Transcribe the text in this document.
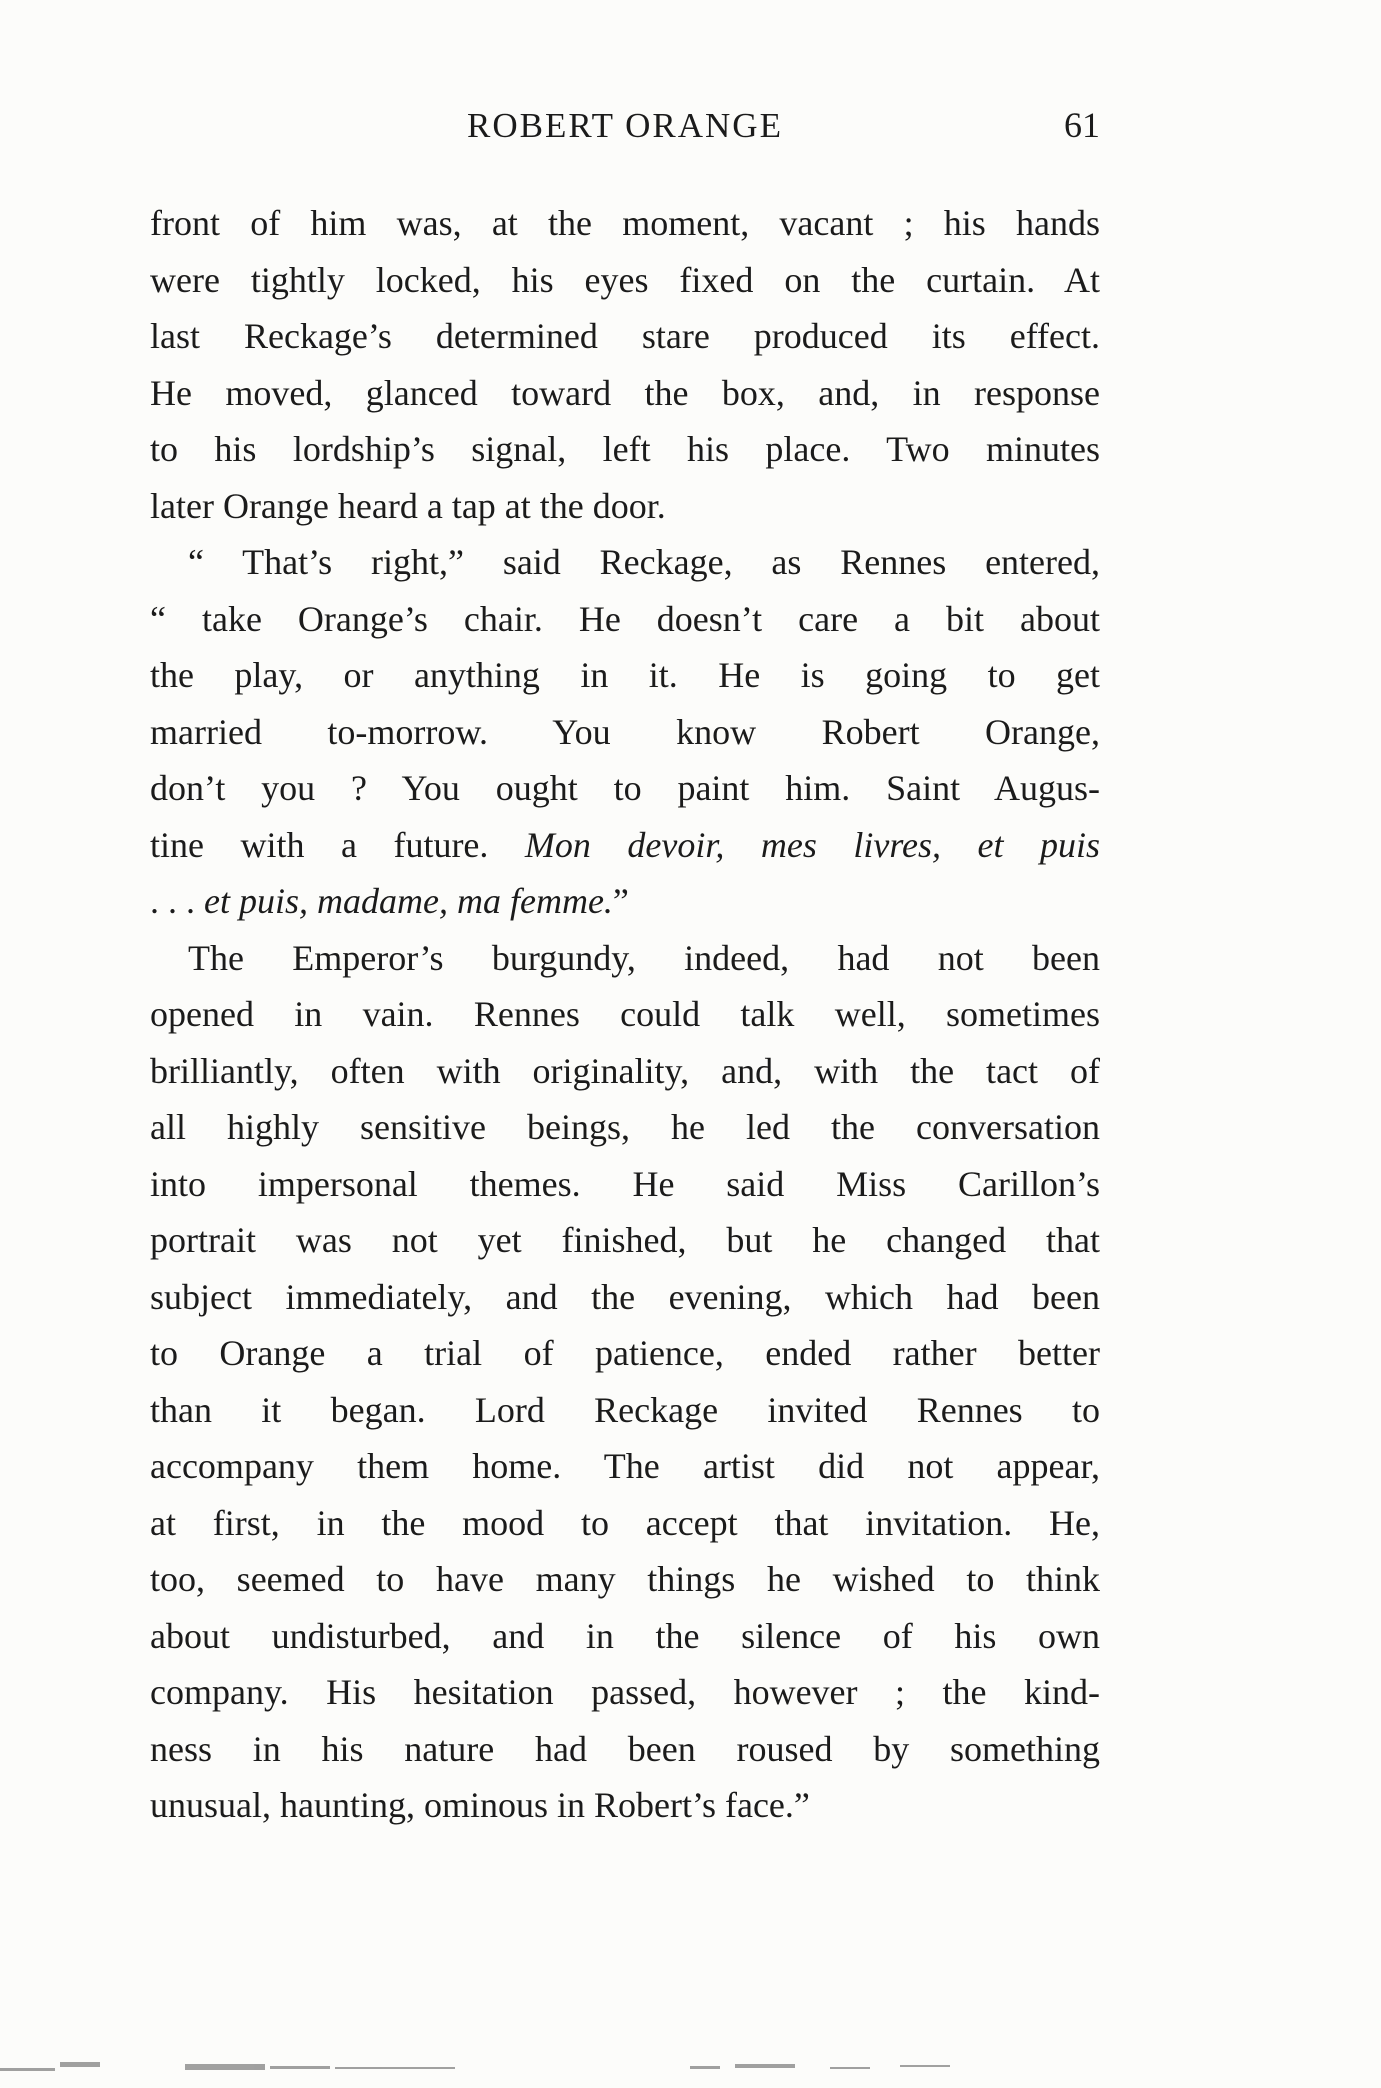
ROBERT ORANGE	61
front of him was, at the moment, vacant ; his hands
were tightly locked, his eyes fixed on the curtain. At
last Reckage’s determined stare produced its effect.
He moved, glanced toward the box, and, in response
to his lordship’s signal, left his place. Two minutes
later Orange heard a tap at the door.
“ That’s right,” said Reckage, as Rennes entered,
“ take Orange’s chair. He doesn’t care a bit about
the play, or anything in it. He is going to get
married to-morrow. You know Robert Orange,
don’t you ? You ought to paint him. Saint Augus-
tine with a future. Mon devoir, mes livres, et puis
. . . et puis, madame, ma femme.”
The Emperor’s burgundy, indeed, had not been
opened in vain. Rennes could talk well, sometimes
brilliantly, often with originality, and, with the tact of
all highly sensitive beings, he led the conversation
into impersonal themes. He said Miss Carillon’s
portrait was not yet finished, but he changed that
subject immediately, and the evening, which had been
to Orange a trial of patience, ended rather better
than it began. Lord Reckage invited Rennes to
accompany them home. The artist did not appear,
at first, in the mood to accept that invitation. He,
too, seemed to have many things he wished to think
about undisturbed, and in the silence of his own
company. His hesitation passed, however ; the kind-
ness in his nature had been roused by something
unusual, haunting, ominous in Robert’s face.”
